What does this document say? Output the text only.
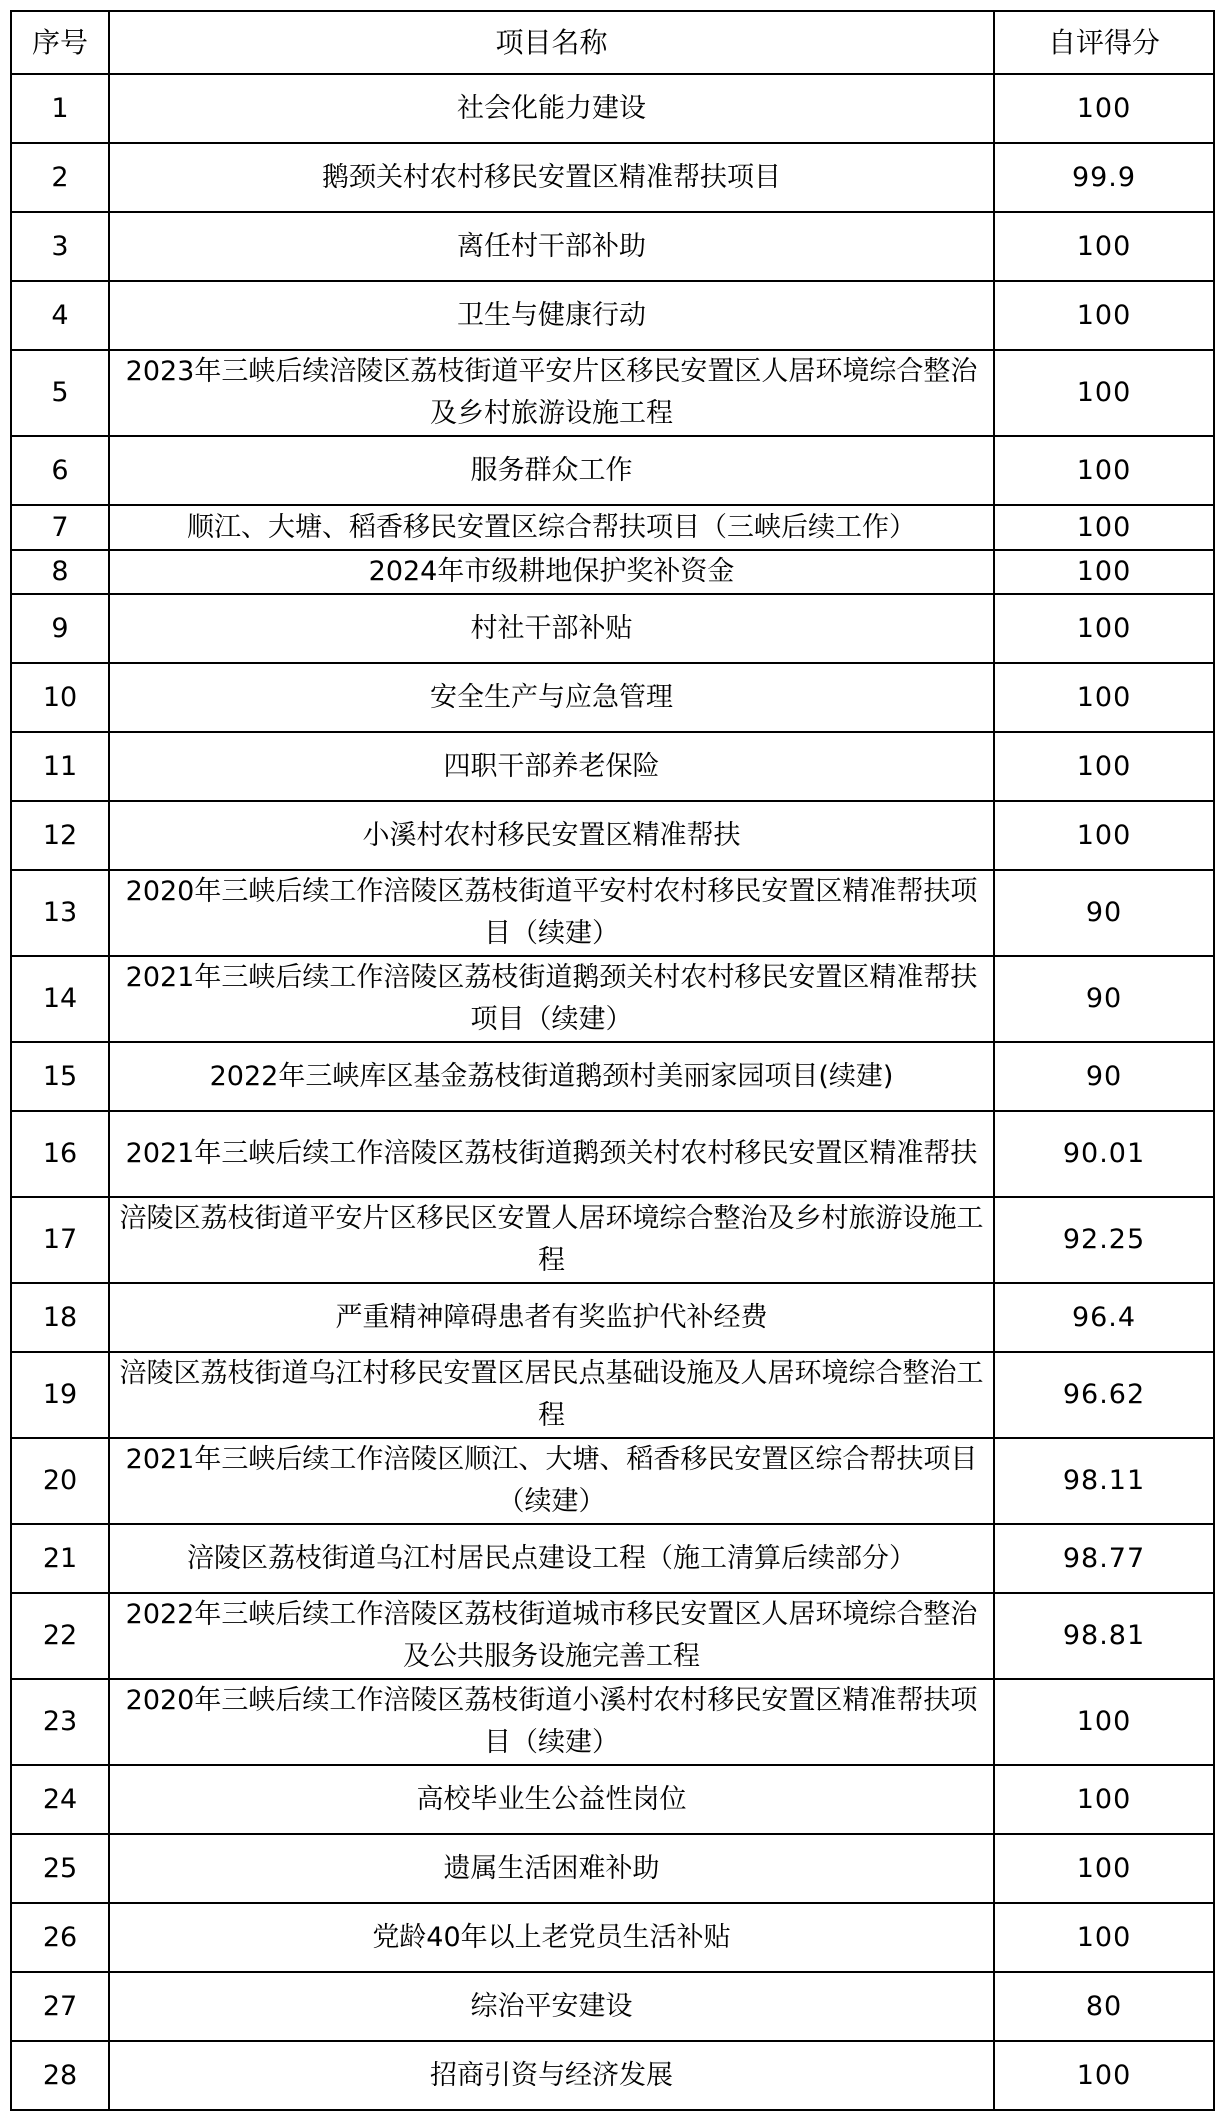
序号	项目名称	自评得分
1	社会化能力建设	100
2	鹅颈关村农村移民安置区精准帮扶项目	99.9
3	离任村干部补助	100
4	卫生与健康行动	100
5	2023年三峡后续涪陵区荔枝街道平安片区移民安置区人居环境综合整治及乡村旅游设施工程	100
6	服务群众工作	100
7	顺江、大塘、稻香移民安置区综合帮扶项目（三峡后续工作）	100
8	2024年市级耕地保护奖补资金	100
9	村社干部补贴	100
10	安全生产与应急管理	100
11	四职干部养老保险	100
12	小溪村农村移民安置区精准帮扶	100
13	2020年三峡后续工作涪陵区荔枝街道平安村农村移民安置区精准帮扶项目（续建）	90
14	2021年三峡后续工作涪陵区荔枝街道鹅颈关村农村移民安置区精准帮扶项目（续建）	90
15	2022年三峡库区基金荔枝街道鹅颈村美丽家园项目(续建)	90
16	2021年三峡后续工作涪陵区荔枝街道鹅颈关村农村移民安置区精准帮扶	90.01
17	涪陵区荔枝街道平安片区移民区安置人居环境综合整治及乡村旅游设施工程	92.25
18	严重精神障碍患者有奖监护代补经费	96.4
19	涪陵区荔枝街道乌江村移民安置区居民点基础设施及人居环境综合整治工程	96.62
20	2021年三峡后续工作涪陵区顺江、大塘、稻香移民安置区综合帮扶项目（续建）	98.11
21	涪陵区荔枝街道乌江村居民点建设工程（施工清算后续部分）	98.77
22	2022年三峡后续工作涪陵区荔枝街道城市移民安置区人居环境综合整治及公共服务设施完善工程	98.81
23	2020年三峡后续工作涪陵区荔枝街道小溪村农村移民安置区精准帮扶项目（续建）	100
24	高校毕业生公益性岗位	100
25	遗属生活困难补助	100
26	党龄40年以上老党员生活补贴	100
27	综治平安建设	80
28	招商引资与经济发展	100
